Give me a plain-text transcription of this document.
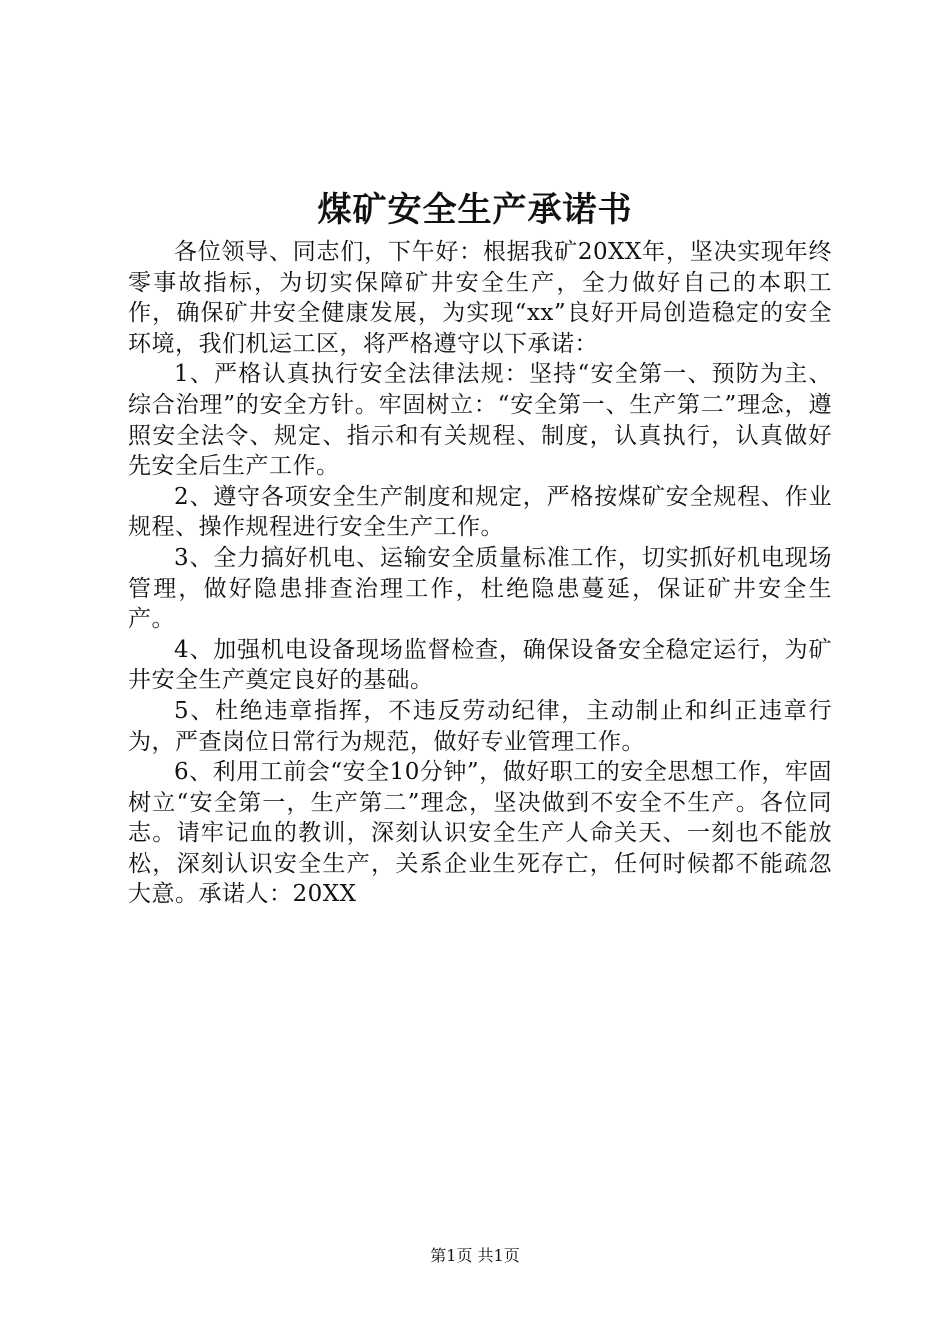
煤矿安全生产承诺书

各位领导、同志们，下午好：根据我矿20XX年，坚决实现年终零事故指标，为切实保障矿井安全生产，全力做好自己的本职工作，确保矿井安全健康发展，为实现“xx”良好开局创造稳定的安全环境，我们机运工区，将严格遵守以下承诺：

1、严格认真执行安全法律法规：坚持“安全第一、预防为主、综合治理”的安全方针。牢固树立：“安全第一、生产第二”理念，遵照安全法令、规定、指示和有关规程、制度，认真执行，认真做好先安全后生产工作。

2、遵守各项安全生产制度和规定，严格按煤矿安全规程、作业规程、操作规程进行安全生产工作。

3、全力搞好机电、运输安全质量标准工作，切实抓好机电现场管理，做好隐患排查治理工作，杜绝隐患蔓延，保证矿井安全生产。

4、加强机电设备现场监督检查，确保设备安全稳定运行，为矿井安全生产奠定良好的基础。

5、杜绝违章指挥，不违反劳动纪律，主动制止和纠正违章行为，严查岗位日常行为规范，做好专业管理工作。

6、利用工前会“安全10分钟”，做好职工的安全思想工作，牢固树立“安全第一，生产第二”理念，坚决做到不安全不生产。各位同志。请牢记血的教训，深刻认识安全生产人命关天、一刻也不能放松，深刻认识安全生产，关系企业生死存亡，任何时候都不能疏忽大意。承诺人：20XX

第1页 共1页
